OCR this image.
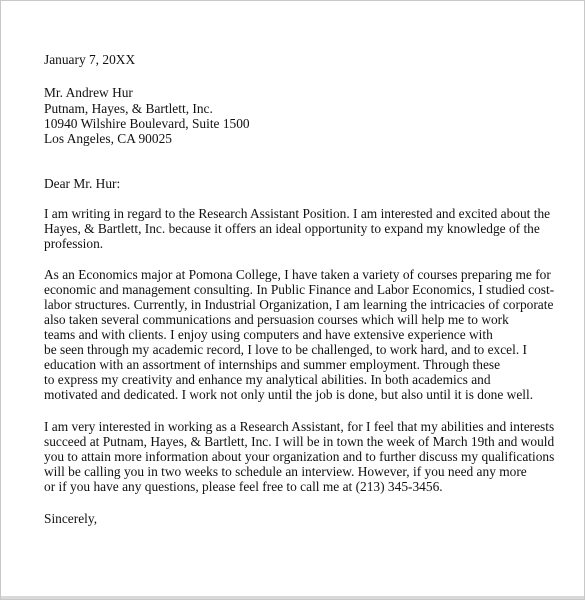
January 7, 20XX
Mr. Andrew Hur
Putnam, Hayes, & Bartlett, Inc.
10940 Wilshire Boulevard, Suite 1500
Los Angeles, CA 90025
Dear Mr. Hur:
I am writing in regard to the Research Assistant Position. I am interested and excited about the
Hayes, & Bartlett, Inc. because it offers an ideal opportunity to expand my knowledge of the
profession.
As an Economics major at Pomona College, I have taken a variety of courses preparing me for
economic and management consulting. In Public Finance and Labor Economics, I studied cost-
labor structures. Currently, in Industrial Organization, I am learning the intricacies of corporate
also taken several communications and persuasion courses which will help me to work
teams and with clients. I enjoy using computers and have extensive experience with
be seen through my academic record, I love to be challenged, to work hard, and to excel. I
education with an assortment of internships and summer employment. Through these
to express my creativity and enhance my analytical abilities. In both academics and
motivated and dedicated. I work not only until the job is done, but also until it is done well.
I am very interested in working as a Research Assistant, for I feel that my abilities and interests
succeed at Putnam, Hayes, & Bartlett, Inc. I will be in town the week of March 19th and would
you to attain more information about your organization and to further discuss my qualifications
will be calling you in two weeks to schedule an interview. However, if you need any more
or if you have any questions, please feel free to call me at (213) 345-3456.
Sincerely,
